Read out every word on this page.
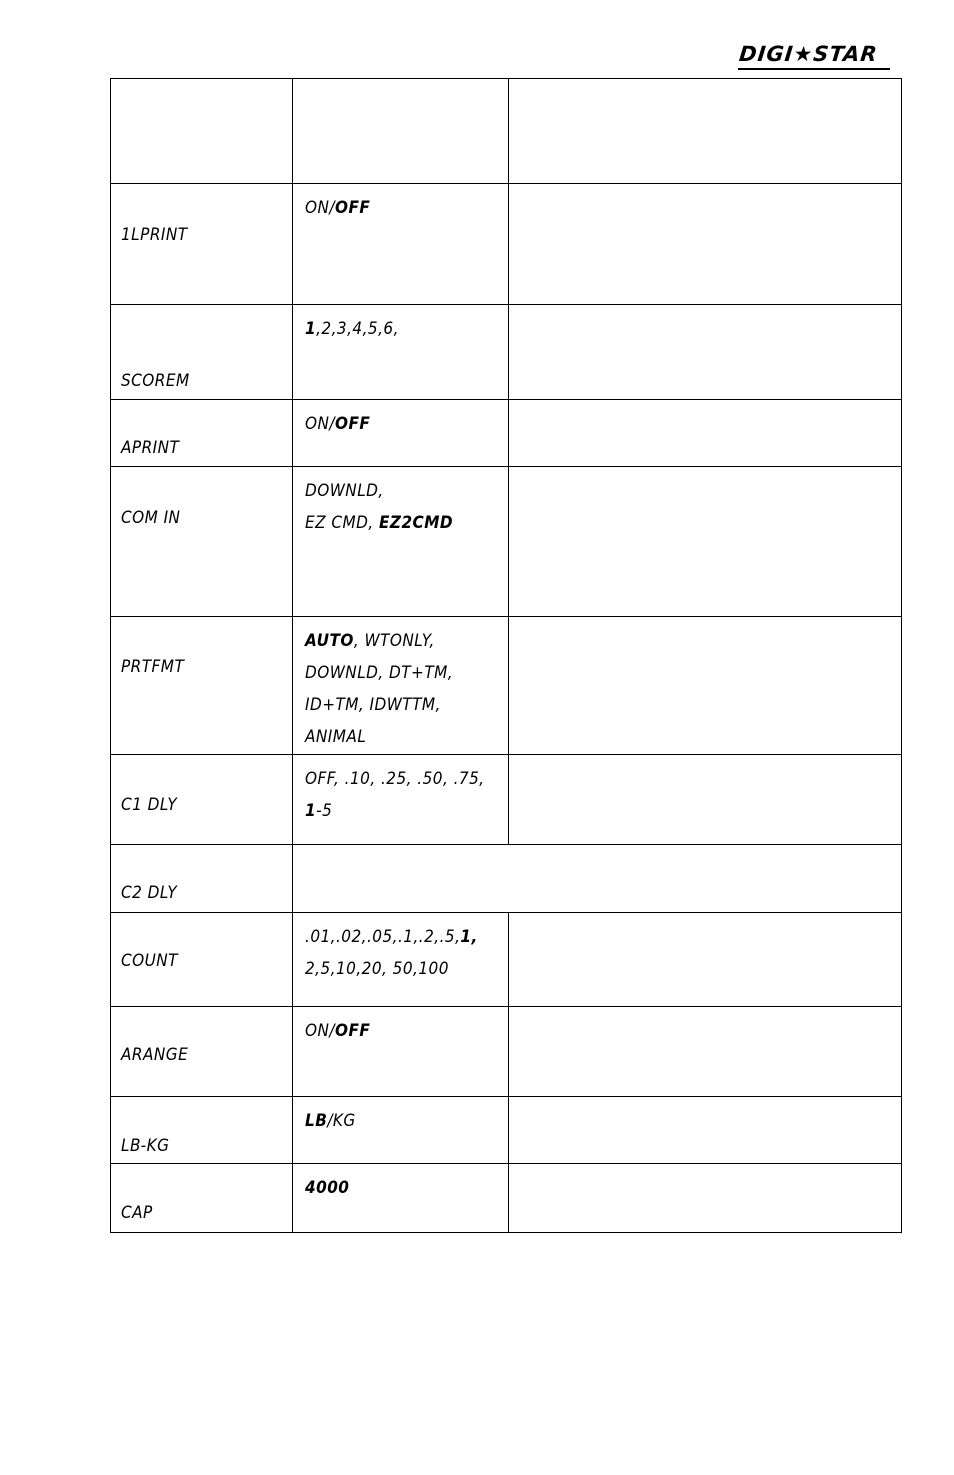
DIGI★STAR

1LPRINT	ON/OFF	

SCOREM	1,2,3,4,5,6,	

APRINT	ON/OFF	

COM IN	DOWNLD,
EZ CMD, EZ2CMD	

PRTFMT	AUTO, WTONLY,
DOWNLD, DT+TM,
ID+TM, IDWTTM,
ANIMAL	

C1 DLY	OFF, .10, .25, .50, .75,
1-5	

C2 DLY		

COUNT	.01,.02,.05,.1,.2,.5,1,
2,5,10,20, 50,100	

ARANGE	ON/OFF	

LB-KG	LB/KG	

CAP	4000	
